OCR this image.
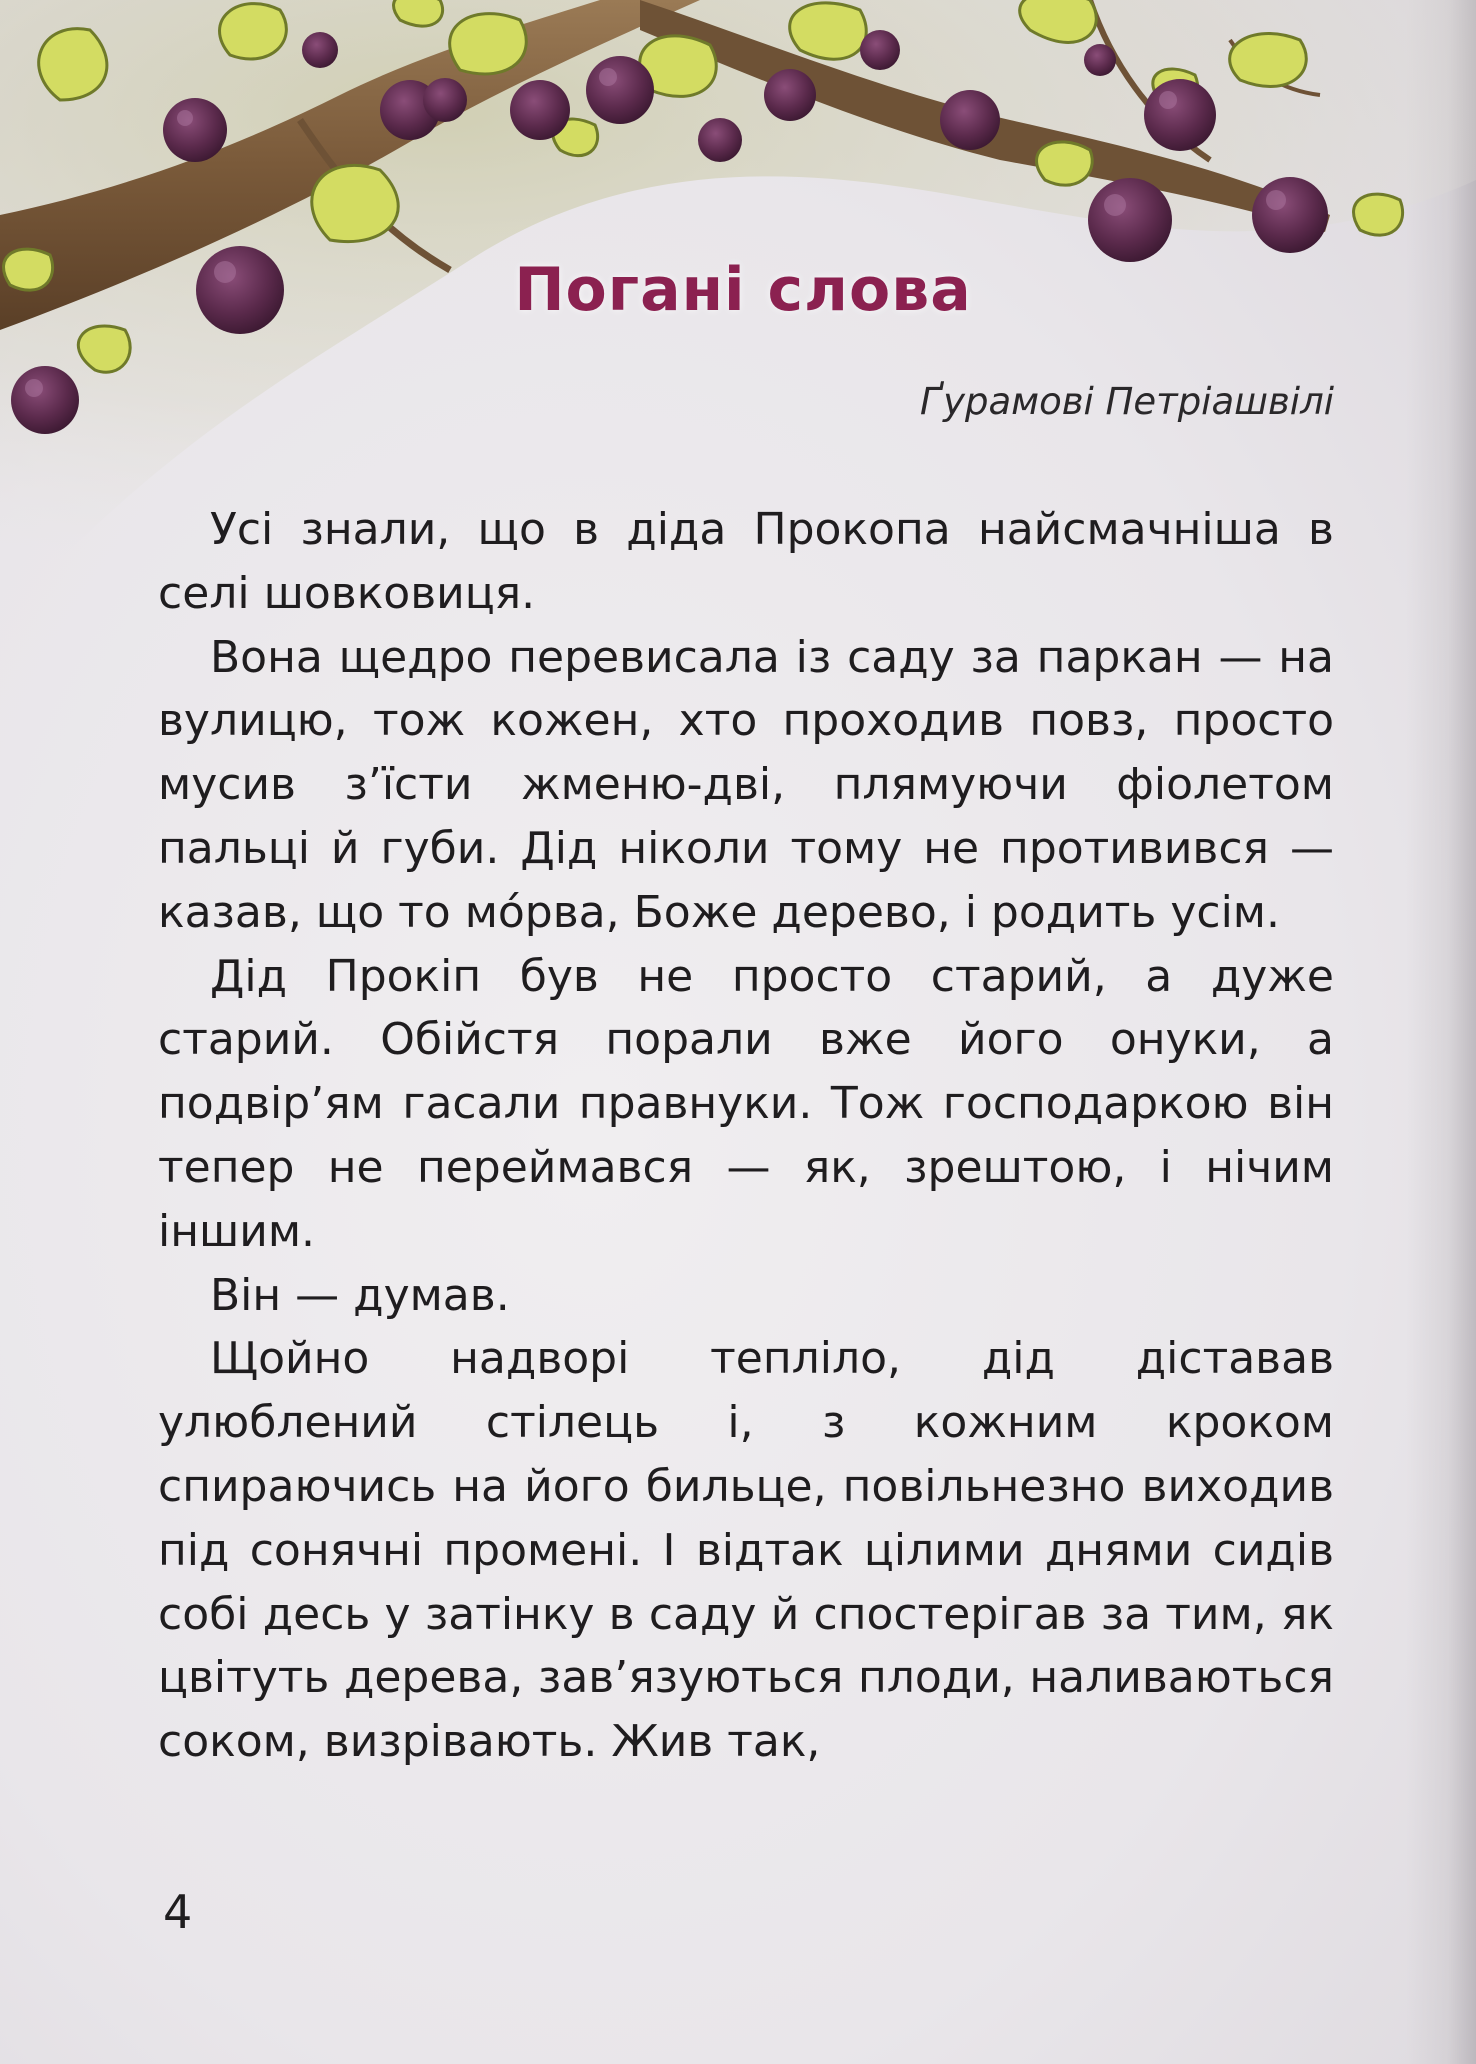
Погані слова
Ґурамові Петріашвілі

Усі знали, що в діда Прокопа найсмачніша в селі шовковиця.

Вона щедро перевисала із саду за паркан — на вулицю, тож кожен, хто проходив повз, просто мусив з’їсти жменю-дві, плямуючи фіолетом пальці й губи. Дід ніколи тому не противився — казав, що то мо́рва, Боже дерево, і родить усім.

Дід Прокіп був не просто старий, а дуже старий. Обійстя порали вже його онуки, а подвір’ям гасали правнуки. Тож господаркою він тепер не переймався — як, зрештою, і нічим іншим.

Він — думав.

Щойно надворі тепліло, дід діставав улюблений стілець і, з кожним кроком спираючись на його бильце, повільнезно виходив під сонячні промені. І відтак цілими днями сидів собі десь у затінку в саду й спостерігав за тим, як цвітуть дерева, зав’язуються плоди, наливаються соком, визрівають. Жив так,

4
